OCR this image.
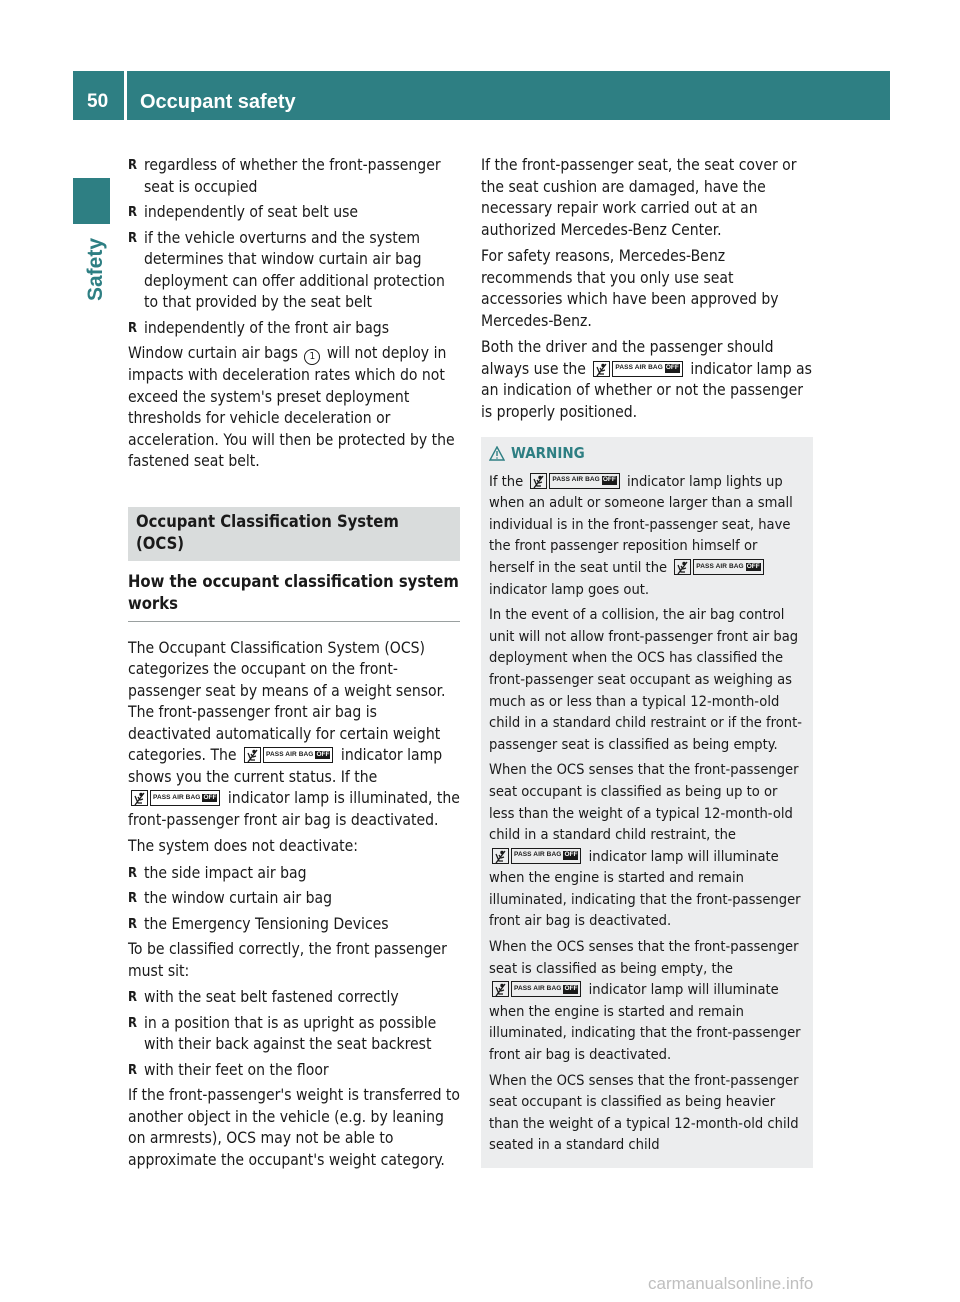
50 Occupant safety
Safety
R regardless of whether the front-passenger seat is occupied
R independently of seat belt use
R if the vehicle overturns and the system determines that window curtain air bag deployment can offer additional protection to that provided by the seat belt
R independently of the front air bags

Window curtain air bags 1 will not deploy in impacts with deceleration rates which do not exceed the system's preset deployment thresholds for vehicle deceleration or acceleration. You will then be protected by the fastened seat belt.

Occupant Classification System (OCS)
How the occupant classification system works

The Occupant Classification System (OCS) categorizes the occupant on the front-passenger seat by means of a weight sensor. The front-passenger front air bag is deactivated automatically for certain weight categories. The	PASS AIR BAG OFF indicator lamp shows you the current status. If the
PASS AIR BAG OFF indicator lamp is illuminated, the front-passenger front air bag is deactivated.

The system does not deactivate:

R the side impact air bag
R the window curtain air bag
R the Emergency Tensioning Devices

To be classified correctly, the front passenger must sit:

R with the seat belt fastened correctly
R in a position that is as upright as possible with their back against the seat backrest
R with their feet on the floor

If the front-passenger's weight is transferred to another object in the vehicle (e.g. by leaning on armrests), OCS may not be able to approximate the occupant's weight category.

If the front-passenger seat, the seat cover or the seat cushion are damaged, have the necessary repair work carried out at an authorized Mercedes-Benz Center.

For safety reasons, Mercedes-Benz recommends that you only use seat accessories which have been approved by Mercedes-Benz.

Both the driver and the passenger should always use the	PASS AIR BAG OFF indicator lamp as an indication of whether or not the passenger is properly positioned.

WARNING

If the	PASS AIR BAG OFF indicator lamp lights up when an adult or someone larger than a small individual is in the front-passenger seat, have the front passenger reposition himself or herself in the seat until the	PASS AIR BAG OFF
indicator lamp goes out.

In the event of a collision, the air bag control unit will not allow front-passenger front air bag deployment when the OCS has classified the front-passenger seat occupant as weighing as much as or less than a typical 12-month-old child in a standard child restraint or if the front-passenger seat is classified as being empty.

When the OCS senses that the front-passenger seat occupant is classified as being up to or less than the weight of a typical 12-month-old child in a standard child restraint, the
PASS AIR BAG OFF indicator lamp will illuminate when the engine is started and remain illuminated, indicating that the front-passenger front air bag is deactivated.

When the OCS senses that the front-passenger seat is classified as being empty, the
PASS AIR BAG OFF indicator lamp will illuminate when the engine is started and remain illuminated, indicating that the front-passenger front air bag is deactivated.

When the OCS senses that the front-passenger seat occupant is classified as being heavier than the weight of a typical 12-month-old child seated in a standard child

carmanualsonline.info
